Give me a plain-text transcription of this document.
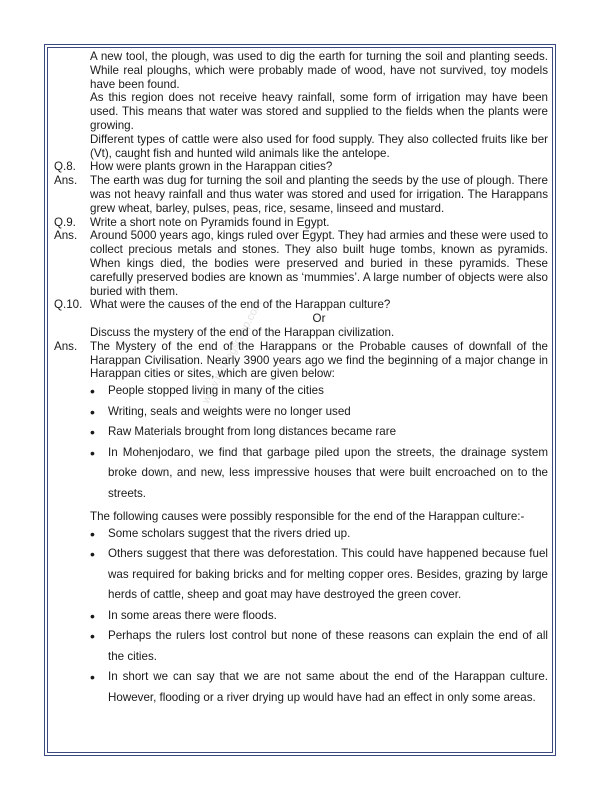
www.thekingscoop.com

A new tool, the plough, was used to dig the earth for turning the soil and planting seeds. While real ploughs, which were probably made of wood, have not survived, toy models have been found.

As this region does not receive heavy rainfall, some form of irrigation may have been used. This means that water was stored and supplied to the fields when the plants were growing.

Different types of cattle were also used for food supply. They also collected fruits like ber (Vt), caught fish and hunted wild animals like the antelope.

Q.8.	How were plants grown in the Harappan cities?
Ans.	The earth was dug for turning the soil and planting the seeds by the use of plough. There was not heavy rainfall and thus water was stored and used for irrigation. The Harappans grew wheat, barley, pulses, peas, rice, sesame, linseed and mustard.
Q.9.	Write a short note on Pyramids found in Egypt.
Ans.	Around 5000 years ago, kings ruled over Egypt. They had armies and these were used to collect precious metals and stones. They also built huge tombs, known as pyramids. When kings died, the bodies were preserved and buried in these pyramids. These carefully preserved bodies are known as ‘mummies’. A large number of objects were also buried with them.
Q.10. What were the causes of the end of the Harappan culture?
Or

Discuss the mystery of the end of the Harappan civilization.

Ans.	The Mystery of the end of the Harappans or the Probable causes of downfall of the Harappan Civilisation. Nearly 3900 years ago we find the beginning of a major change in Harappan cities or sites, which are given below:
• People stopped living in many of the cities
• Writing, seals and weights were no longer used
• Raw Materials brought from long distances became rare
• In Mohenjodaro, we find that garbage piled upon the streets, the drainage system broke down, and new, less impressive houses that were built encroached on to the streets.

The following causes were possibly responsible for the end of the Harappan culture:-

• Some scholars suggest that the rivers dried up.
• Others suggest that there was deforestation. This could have happened because fuel was required for baking bricks and for melting copper ores. Besides, grazing by large herds of cattle, sheep and goat may have destroyed the green cover.
• In some areas there were floods.
• Perhaps the rulers lost control but none of these reasons can explain the end of all the cities.
• In short we can say that we are not same about the end of the Harappan culture. However, flooding or a river drying up would have had an effect in only some areas.
